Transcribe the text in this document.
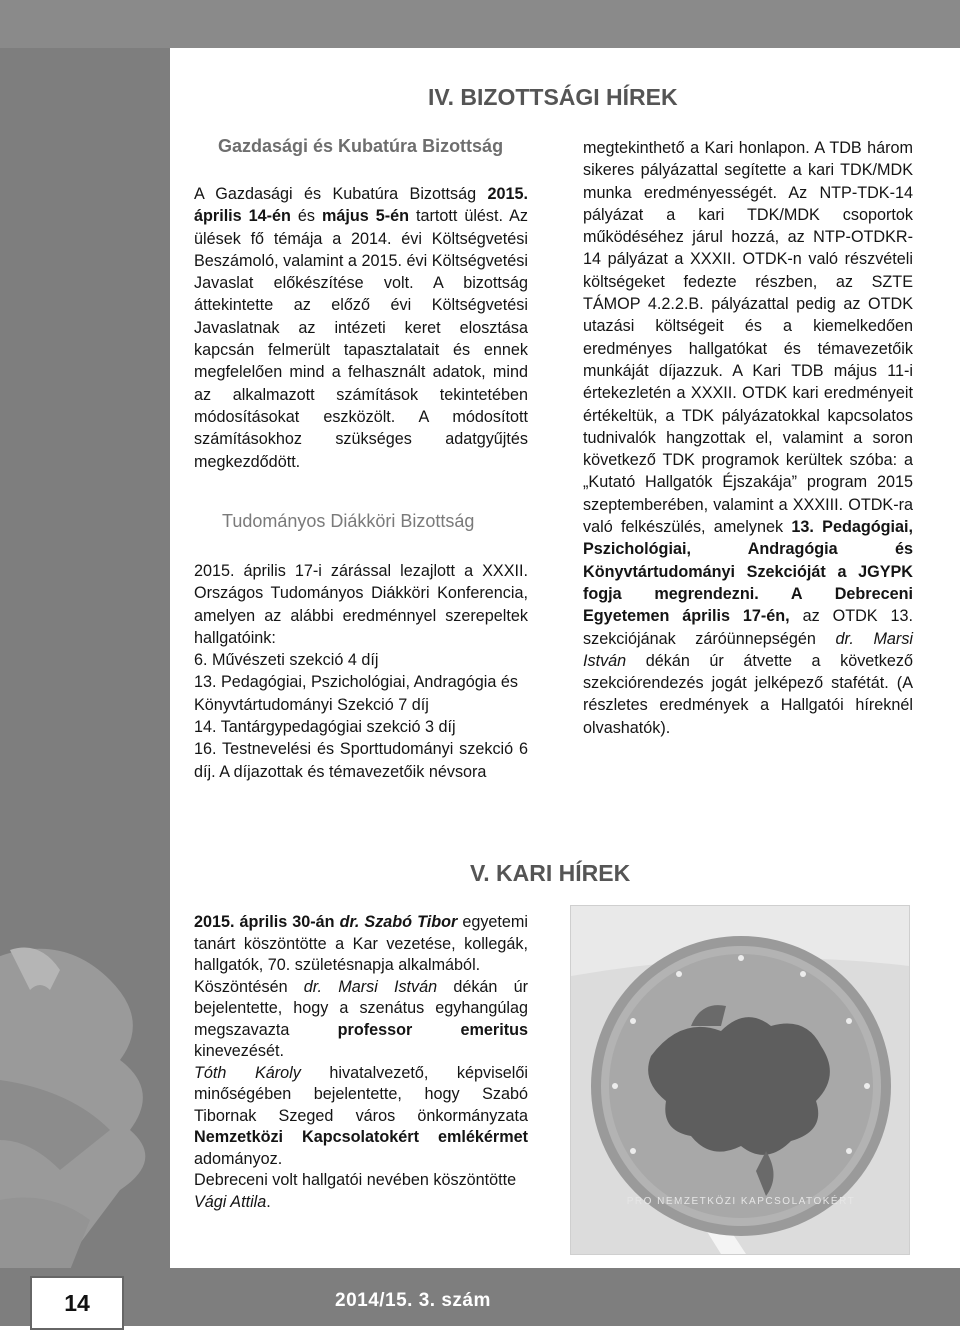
IV. BIZOTTSÁGI HÍREK
Gazdasági és Kubatúra Bizottság

A Gazdasági és Kubatúra Bizottság 2015. április 14-én és május 5-én tartott ülést. Az ülések fő témája a 2014. évi Költségvetési Beszámoló, valamint a 2015. évi Költségvetési Javaslat előkészítése volt. A bizottság áttekintette az előző évi Költségvetési Javaslatnak az intézeti keret elosztása kapcsán felmerült tapasztalatait és ennek megfelelően mind a felhasznált adatok, mind az alkalmazott számítások tekintetében módosításokat eszközölt. A módosított számításokhoz szükséges adatgyűjtés megkezdődött.

Tudományos Diákköri Bizottság

2015. április 17-i zárással lezajlott a XXXII. Országos Tudományos Diákköri Konferencia, amelyen az alábbi eredménnyel szerepeltek hallgatóink:

6. Művészeti szekció 4 díj

13. Pedagógiai, Pszichológiai, Andragógia és Könyvtártudományi Szekció 7 díj

14. Tantárgypedagógiai szekció 3 díj

16. Testnevelési és Sporttudományi szekció 6 díj. A díjazottak és témavezetőik névsora

megtekinthető a Kari honlapon. A TDB három sikeres pályázattal segítette a kari TDK/MDK munka eredményességét. Az NTP-TDK-14 pályázat a kari TDK/MDK csoportok működéséhez járul hozzá, az NTP-OTDKR-14 pályázat a XXXII. OTDK-n való részvételi költségeket fedezte részben, az SZTE TÁMOP 4.2.2.B. pályázattal pedig az OTDK utazási költségeit és a kiemelkedően eredményes hallgatókat és témavezetőik munkáját díjazzuk. A Kari TDB május 11-i értekezletén a XXXII. OTDK kari eredményeit értékeltük, a TDK pályázatokkal kapcsolatos tudnivalók hangzottak el, valamint a soron következő TDK programok kerültek szóba: a „Kutató Hallgatók Éjszakája” program 2015 szeptemberében, valamint a XXXIII. OTDK-ra való felkészülés, amelynek 13. Pedagógiai, Pszichológiai, Andragógia és Könyvtártudományi Szekcióját a JGYPK fogja megrendezni. A Debreceni Egyetemen április 17-én, az OTDK 13. szekciójának záróünnepségén dr. Marsi István dékán úr átvette a következő szekciórendezés jogát jelképező stafétát. (A részletes eredmények a Hallgatói híreknél olvashatók).

V. KARI HÍREK

2015. április 30-án dr. Szabó Tibor egyetemi tanárt köszöntötte a Kar vezetése, kollegák, hallgatók, 70. születésnapja alkalmából.

Köszöntésén dr. Marsi István dékán úr bejelentette, hogy a szenátus egyhangúlag megszavazta professor emeritus kinevezését.

Tóth Károly hivatalvezető, képviselői minőségében bejelentette, hogy Szabó Tibornak Szeged város önkormányzata Nemzetközi Kapcsolatokért emlékérmet adományoz.

Debreceni volt hallgatói nevében köszöntötte Vági Attila.	PRO NEMZETKÖZI KAPCSOLATOKÉRT
14	2014/15. 3. szám
